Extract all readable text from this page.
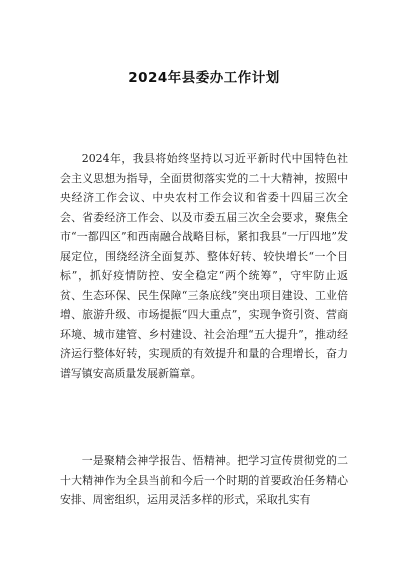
2024年县委办工作计划

2024年，我县将始终坚持以习近平新时代中国特色社会主义思想为指导，全面贯彻落实党的二十大精神，按照中央经济工作会议、中央农村工作会议和省委十四届三次全会、省委经济工作会、以及市委五届三次全会要求，聚焦全市“一都四区”和西南融合战略目标，紧扣我县“一厅四地”发展定位，围绕经济全面复苏、整体好转、较快增长“一个目标”，抓好疫情防控、安全稳定“两个统筹”，守牢防止返贫、生态环保、民生保障“三条底线”突出项目建设、工业倍增、旅游升级、市场提振“四大重点”，实现争资引资、营商环境、城市建管、乡村建设、社会治理“五大提升”，推动经济运行整体好转，实现质的有效提升和量的合理增长，奋力谱写镇安高质量发展新篇章。

一是聚精会神学报告、悟精神。把学习宣传贯彻党的二十大精神作为全县当前和今后一个时期的首要政治任务精心安排、周密组织，运用灵活多样的形式，采取扎实有
